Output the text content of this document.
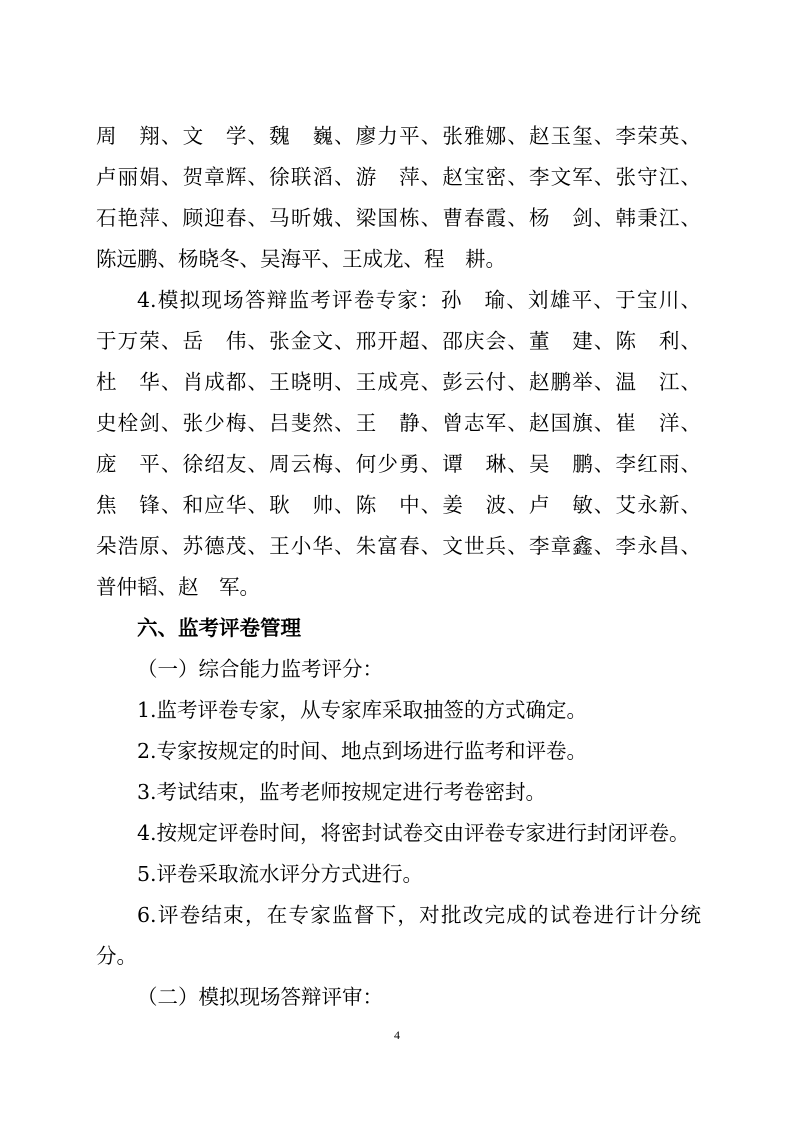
周　翔、文　学、魏　巍、廖力平、张雅娜、赵玉玺、李荣英、
卢丽娟、贺章辉、徐联滔、游　萍、赵宝密、李文军、张守江、
石艳萍、顾迎春、马昕娥、梁国栋、曹春霞、杨　剑、韩秉江、
陈远鹏、杨晓冬、吴海平、王成龙、程　耕。
4.模拟现场答辩监考评卷专家：孙　瑜、刘雄平、于宝川、
于万荣、岳　伟、张金文、邢开超、邵庆会、董　建、陈　利、
杜　华、肖成都、王晓明、王成亮、彭云付、赵鹏举、温　江、
史栓剑、张少梅、吕斐然、王　静、曾志军、赵国旗、崔　洋、
庞　平、徐绍友、周云梅、何少勇、谭　琳、吴　鹏、李红雨、
焦　锋、和应华、耿　帅、陈　中、姜　波、卢　敏、艾永新、
朵浩原、苏德茂、王小华、朱富春、文世兵、李章鑫、李永昌、
普仲韬、赵　军。
六、监考评卷管理
（一）综合能力监考评分：
1.监考评卷专家，从专家库采取抽签的方式确定。
2.专家按规定的时间、地点到场进行监考和评卷。
3.考试结束，监考老师按规定进行考卷密封。
4.按规定评卷时间，将密封试卷交由评卷专家进行封闭评卷。
5.评卷采取流水评分方式进行。
6.评卷结束，在专家监督下，对批改完成的试卷进行计分统
分。
（二）模拟现场答辩评审：
4
